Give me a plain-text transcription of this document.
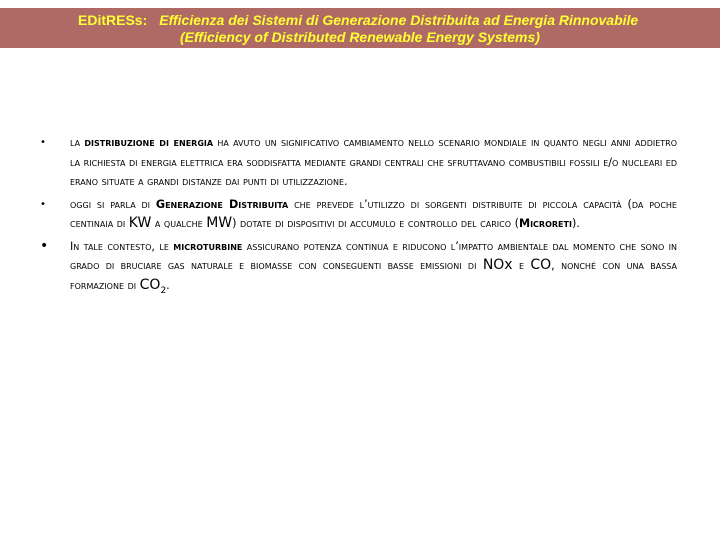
EDitRESs: Efficienza dei Sistemi di Generazione Distribuita ad Energia Rinnovabile
(Efficiency of Distributed Renewable Energy Systems)
•	la distribuzione di energia ha avuto un significativo cambiamento nello scenario mondiale in quanto negli anni addietro la richiesta di energia elettrica era soddisfatta mediante grandi centrali che sfruttavano combustibili fossili e/o nucleari ed erano situate a grandi distanze dai punti di utilizzazione.
•	oggi si parla di Generazione Distribuita che prevede l’utilizzo di sorgenti distribuite di piccola capacità (da poche centinaia di KW a qualche MW) dotate di dispositivi di accumulo e controllo del carico (Microreti).
• In tale contesto, le microturbine assicurano potenza continua e riducono l’impatto ambientale dal momento che sono in grado di bruciare gas naturale e biomasse con conseguenti basse emissioni di NOx e CO, nonché con una bassa formazione di $CO_2$.
